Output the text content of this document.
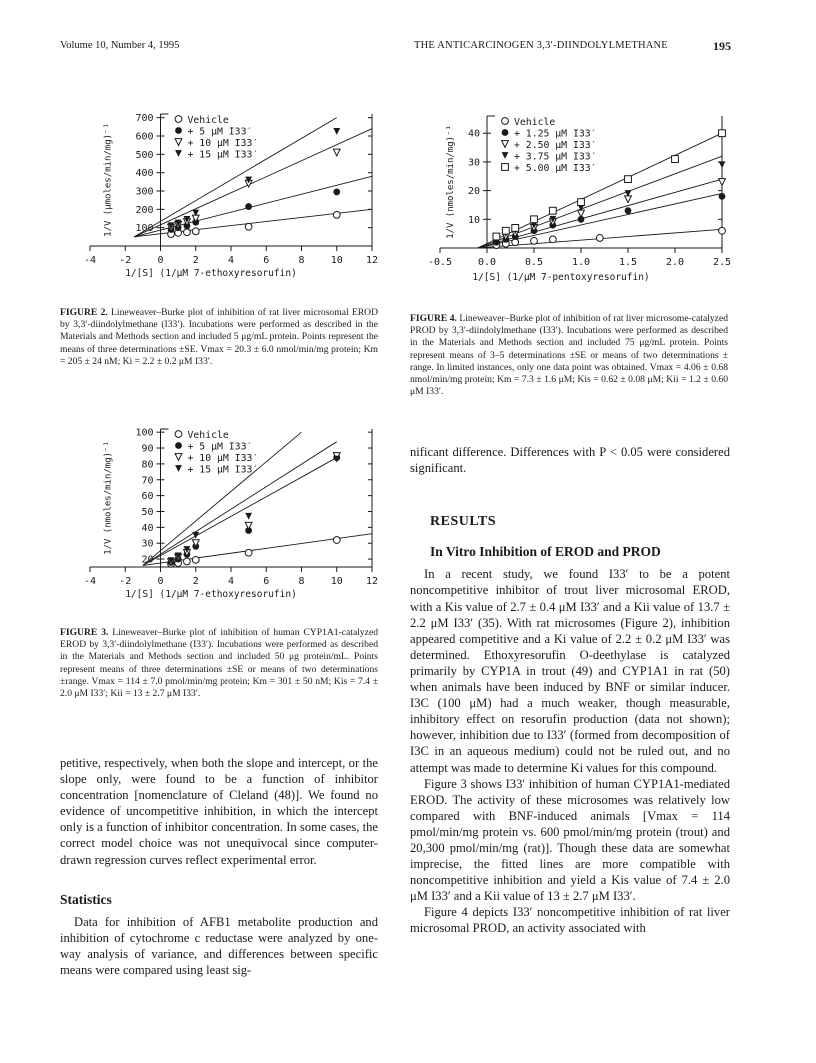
Volume 10, Number 4, 1995	THE ANTICARCINOGEN 3,3′-DIINDOLYLMETHANE	195
-4 -2	0	2	4	6	8	10 12
100
200
300
400
500
600
700
1/[S] (1/μM 7-ethoxyresorufin)
1/V (μmoles/min/mg)⁻¹
Vehicle
+ 5 μM I33′
+ 10 μM I33′
+ 15 μM I33′
-4 -2	0	2	4	6	8	10 12
20
30
40
50
60
70
80
90
100
1/[S] (1/μM 7-ethoxyresorufin)
1/V (nmoles/min/mg)⁻¹
Vehicle
+ 5 μM I33′
+ 10 μM I33′
+ 15 μM I33′
-0.5	0.0	0.5	1.0	1.5	2.0	2.5
10
20
30
40
1/[S] (1/μM 7-pentoxyresorufin)
1/V (nmoles/min/mg)⁻¹
Vehicle
+ 1.25 μM I33′
+ 2.50 μM I33′
+ 3.75 μM I33′
+ 5.00 μM I33′
FIGURE 2. Lineweaver–Burke plot of inhibition of rat liver microsomal EROD by 3,3′-diindolylmethane (I33′). Incubations were performed as described in the Materials and Methods section and included 5 μg/mL protein. Points represent the means of three determinations ±SE. Vmax = 20.3 ± 6.0 nmol/min/mg protein; Km = 205 ± 24 nM; Ki = 2.2 ± 0.2 μM I33′.
FIGURE 3. Lineweaver–Burke plot of inhibition of human CYP1A1-catalyzed EROD by 3,3′-diindolylmethane (I33′). Incubations were performed as described in the Materials and Methods section and included 50 μg protein/mL. Points represent means of three determinations ±SE or means of two determinations ±range. Vmax = 114 ± 7.0 pmol/min/mg protein; Km = 301 ± 50 nM; Kis = 7.4 ± 2.0 μM I33′; Kii = 13 ± 2.7 μM I33′.
FIGURE 4. Lineweaver–Burke plot of inhibition of rat liver microsome-catalyzed PROD by 3,3′-diindolylmethane (I33′). Incubations were performed as described in the Materials and Methods section and included 75 μg/mL protein. Points represent means of 3–5 determinations ±SE or means of two determinations ± range. In limited instances, only one data point was obtained. Vmax = 4.06 ± 0.68 nmol/min/mg protein; Km = 7.3 ± 1.6 μM; Kis = 0.62 ± 0.08 μM; Kii = 1.2 ± 0.60 μM I33′.

petitive, respectively, when both the slope and intercept, or the slope only, were found to be a function of inhibitor concentration [nomenclature of Cleland (48)]. We found no evidence of uncompetitive inhibition, in which the intercept only is a function of inhibitor concentration. In some cases, the correct model choice was not unequivocal since computer-drawn regression curves reflect experimental error.

Statistics

Data for inhibition of AFB1 metabolite production and inhibition of cytochrome c reductase were analyzed by one-way analysis of variance, and differences between specific means were compared using least sig-

nificant difference. Differences with P < 0.05 were considered significant.

RESULTS
In Vitro Inhibition of EROD and PROD

In a recent study, we found I33′ to be a potent noncompetitive inhibitor of trout liver microsomal EROD, with a Kis value of 2.7 ± 0.4 μM I33′ and a Kii value of 13.7 ± 2.2 μM I33′ (35). With rat microsomes (Figure 2), inhibition appeared competitive and a Ki value of 2.2 ± 0.2 μM I33′ was determined. Ethoxyresorufin O-deethylase is catalyzed primarily by CYP1A in trout (49) and CYP1A1 in rat (50) when animals have been induced by BNF or similar inducer. I3C (100 μM) had a much weaker, though measurable, inhibitory effect on resorufin production (data not shown); however, inhibition due to I33′ (formed from decomposition of I3C in an aqueous medium) could not be ruled out, and no attempt was made to determine Ki values for this compound.

Figure 3 shows I33′ inhibition of human CYP1A1-mediated EROD. The activity of these microsomes was relatively low compared with BNF-induced animals [Vmax = 114 pmol/min/mg protein vs. 600 pmol/min/mg protein (trout) and 20,300 pmol/min/mg (rat)]. Though these data are somewhat imprecise, the fitted lines are more compatible with noncompetitive inhibition and yield a Kis value of 7.4 ± 2.0 μM I33′ and a Kii value of 13 ± 2.7 μM I33′.

Figure 4 depicts I33′ noncompetitive inhibition of rat liver microsomal PROD, an activity associated with
